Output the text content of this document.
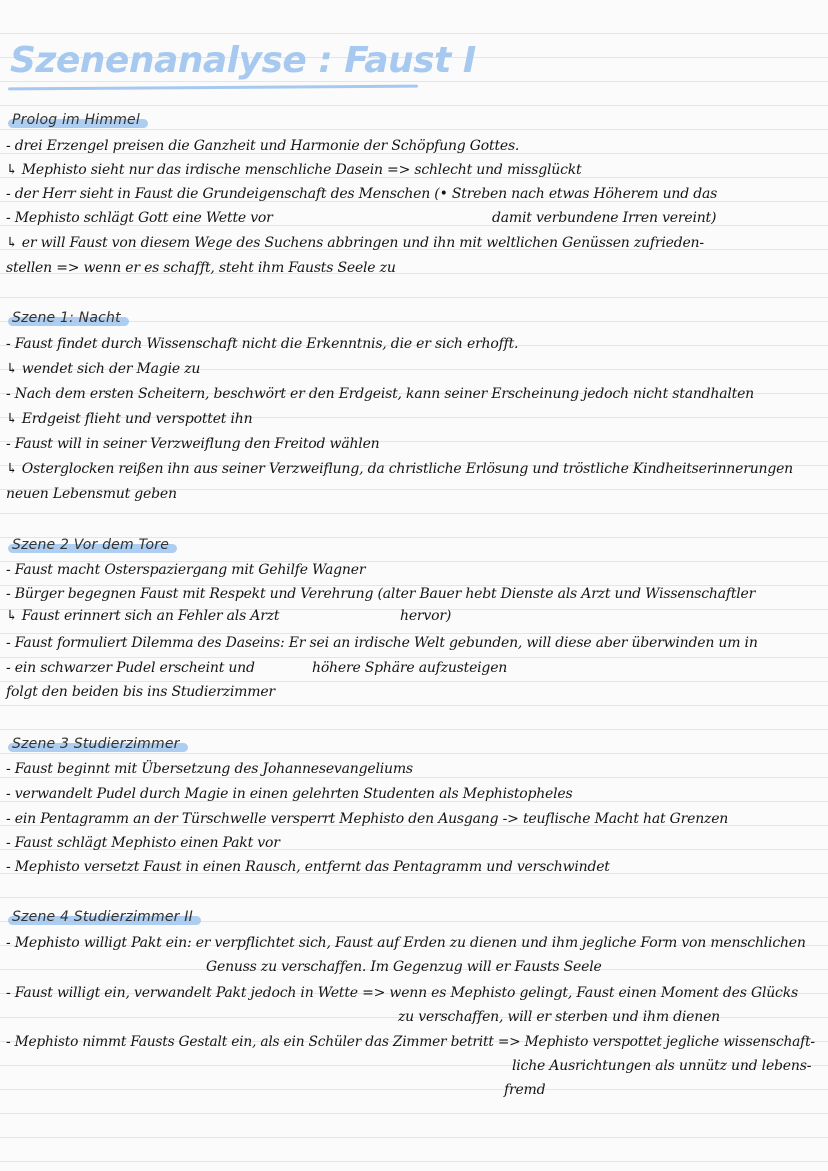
Szenenanalyse : Faust I
Prolog im Himmel
- drei Erzengel preisen die Ganzheit und Harmonie der Schöpfung Gottes.
↳ Mephisto sieht nur das irdische menschliche Dasein => schlecht und missglückt
- der Herr sieht in Faust die Grundeigenschaft des Menschen (• Streben nach etwas Höherem und das
- Mephisto schlägt Gott eine Wette vor	damit verbundene Irren vereint)
↳ er will Faust von diesem Wege des Suchens abbringen und ihn mit weltlichen Genüssen zufrieden-
stellen => wenn er es schafft, steht ihm Fausts Seele zu
Szene 1: Nacht
- Faust findet durch Wissenschaft nicht die Erkenntnis, die er sich erhofft.
↳ wendet sich der Magie zu
- Nach dem ersten Scheitern, beschwört er den Erdgeist, kann seiner Erscheinung jedoch nicht standhalten
↳ Erdgeist flieht und verspottet ihn
- Faust will in seiner Verzweiflung den Freitod wählen
↳ Osterglocken reißen ihn aus seiner Verzweiflung, da christliche Erlösung und tröstliche Kindheitserinnerungen
neuen Lebensmut geben
Szene 2 Vor dem Tore
- Faust macht Osterspaziergang mit Gehilfe Wagner
- Bürger begegnen Faust mit Respekt und Verehrung (alter Bauer hebt Dienste als Arzt und Wissenschaftler
↳ Faust erinnert sich an Fehler als Arzt	hervor)
- Faust formuliert Dilemma des Daseins: Er sei an irdische Welt gebunden, will diese aber überwinden um in
- ein schwarzer Pudel erscheint und	höhere Sphäre aufzusteigen
folgt den beiden bis ins Studierzimmer
Szene 3 Studierzimmer
- Faust beginnt mit Übersetzung des Johannesevangeliums
- verwandelt Pudel durch Magie in einen gelehrten Studenten als Mephistopheles
- ein Pentagramm an der Türschwelle versperrt Mephisto den Ausgang -> teuflische Macht hat Grenzen
- Faust schlägt Mephisto einen Pakt vor
- Mephisto versetzt Faust in einen Rausch, entfernt das Pentagramm und verschwindet
Szene 4 Studierzimmer II
- Mephisto willigt Pakt ein: er verpflichtet sich, Faust auf Erden zu dienen und ihm jegliche Form von menschlichen
Genuss zu verschaffen. Im Gegenzug will er Fausts Seele
- Faust willigt ein, verwandelt Pakt jedoch in Wette => wenn es Mephisto gelingt, Faust einen Moment des Glücks
zu verschaffen, will er sterben und ihm dienen
- Mephisto nimmt Fausts Gestalt ein, als ein Schüler das Zimmer betritt => Mephisto verspottet jegliche wissenschaft-
liche Ausrichtungen als unnütz und lebens-
fremd
